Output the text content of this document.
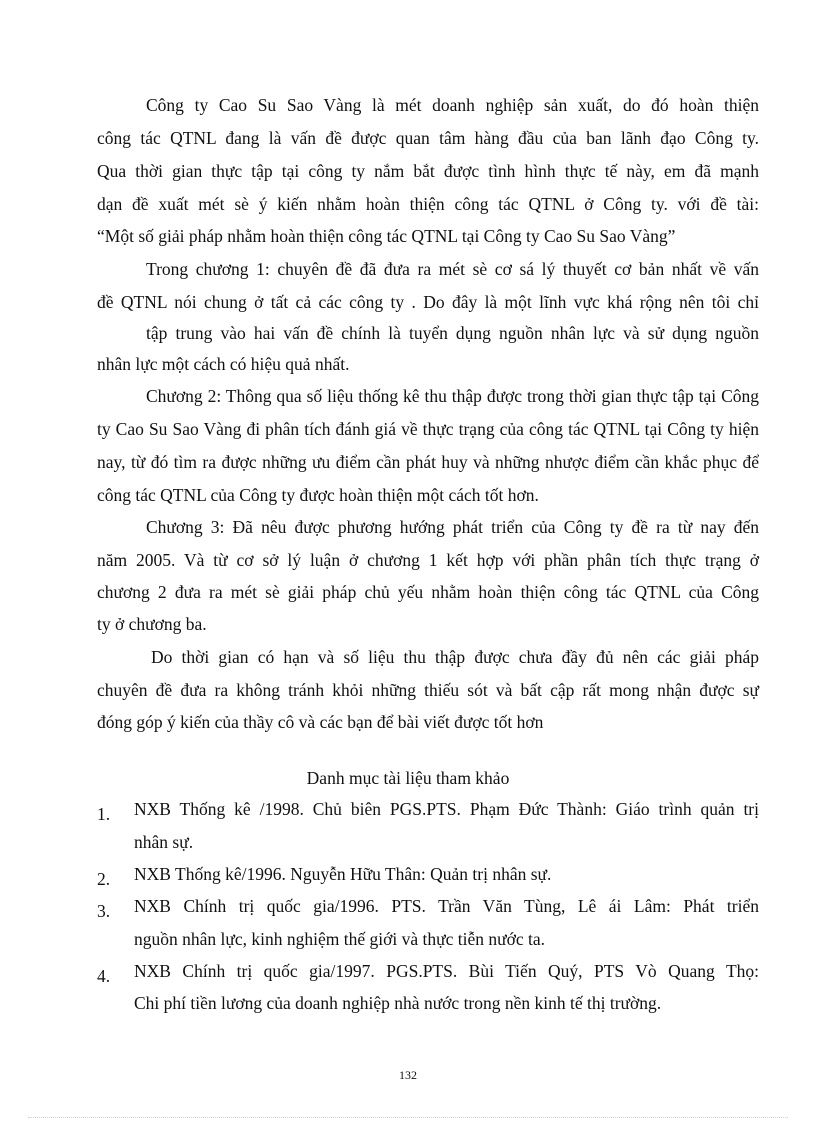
Công ty Cao Su Sao Vàng là mét doanh nghiệp sản xuất, do đó hoàn thiện
công tác QTNL đang là vấn đề được quan tâm hàng đầu của ban lãnh đạo Công ty.
Qua thời gian thực tập tại công ty nắm bắt được tình hình thực tế này, em đã mạnh
dạn đề xuất mét sè ý kiến nhằm hoàn thiện công tác QTNL ở Công ty. với đề tài:
“Một số giải pháp nhằm hoàn thiện công tác QTNL tại Công ty Cao Su Sao Vàng”
Trong chương 1: chuyên đề đã đưa ra mét sè cơ sá lý thuyết cơ bản nhất về vấn
đề QTNL nói chung ở tất cả các công ty . Do đây là một lĩnh vực khá rộng nên tôi chỉ
tập trung vào hai vấn đề chính là tuyển dụng nguồn nhân lực và sử dụng nguồn
nhân lực một cách có hiệu quả nhất.
Chương 2: Thông qua số liệu thống kê thu thập được trong thời gian thực tập tại Công
ty Cao Su Sao Vàng đi phân tích đánh giá về thực trạng của công tác QTNL tại Công ty hiện
nay, từ đó tìm ra được những ưu điểm cần phát huy và những nhược điểm cần khắc phục để
công tác QTNL của Công ty được hoàn thiện một cách tốt hơn.
Chương 3: Đã nêu được phương hướng phát triển của Công ty đề ra từ nay đến
năm 2005. Và từ cơ sở lý luận ở chương 1 kết hợp với phần phân tích thực trạng ở
chương 2 đưa ra mét sè giải pháp chủ yếu nhằm hoàn thiện công tác QTNL của Công
ty ở chương ba.
Do thời gian có hạn và số liệu thu thập được chưa đầy đủ nên các giải pháp
chuyên đề đưa ra không tránh khỏi những thiếu sót và bất cập rất mong nhận được sự
đóng góp ý kiến của thầy cô và các bạn để bài viết được tốt hơn
Danh mục tài liệu tham khảo
1. NXB Thống kê /1998. Chủ biên PGS.PTS. Phạm Đức Thành: Giáo trình quản trị
nhân sự.
2. NXB Thống kê/1996. Nguyễn Hữu Thân: Quản trị nhân sự.
3. NXB Chính trị quốc gia/1996. PTS. Trần Văn Tùng, Lê ái Lâm: Phát triển
nguồn nhân lực, kinh nghiệm thế giới và thực tiễn nước ta.
4. NXB Chính trị quốc gia/1997. PGS.PTS. Bùi Tiến Quý, PTS Vò Quang Thọ:
Chi phí tiền lương của doanh nghiệp nhà nước trong nền kinh tế thị trường.
132
